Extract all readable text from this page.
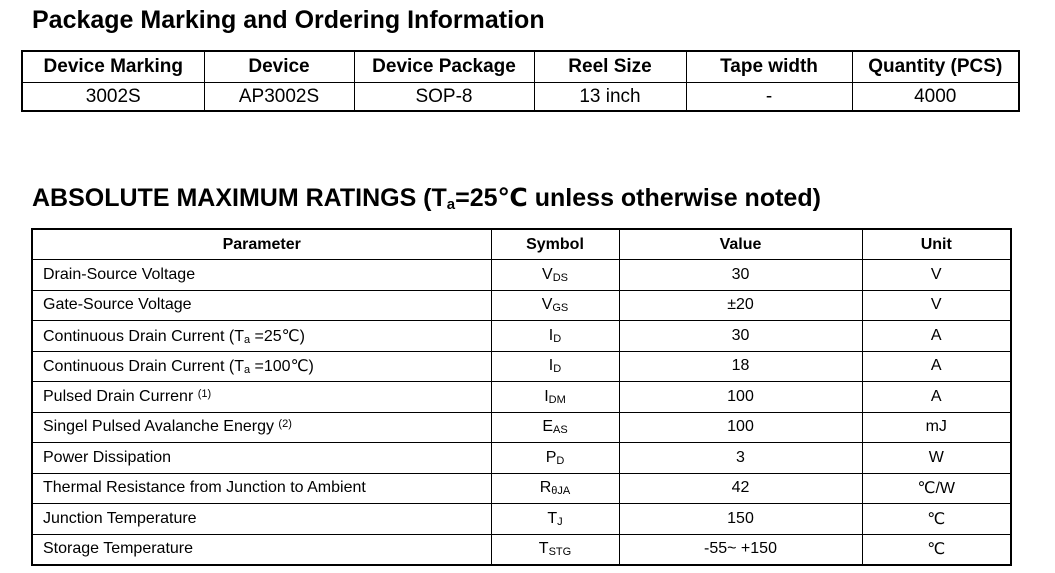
Package Marking and Ordering Information
Device Marking	Device	Device Package	Reel Size	Tape width	Quantity (PCS)
3002S	AP3002S	SOP-8	13 inch	-	4000
ABSOLUTE MAXIMUM RATINGS ($T_a=25℃$ unless otherwise noted)
Parameter	Symbol	Value	Unit
Drain-Source Voltage	$V_{DS}$	30	V
Gate-Source Voltage	$V_{GS}$	±20	V
Continuous Drain Current ($T_a$ =25℃)	$I_D$	30	A
Continuous Drain Current ($T_a$ =100℃)	$I_D$	18	A
Pulsed Drain Currenr $^{(1)}$	$I_{DM}$	100	A
Singel Pulsed Avalanche Energy $^{(2)}$	$E_{AS}$	100	mJ
Power Dissipation	$P_D$	3	W
Thermal Resistance from Junction to Ambient	$R_{\theta JA}$	42	℃/W
Junction Temperature	$T_J$	150	℃
Storage Temperature	$T_{STG}$	-55~ +150	℃
